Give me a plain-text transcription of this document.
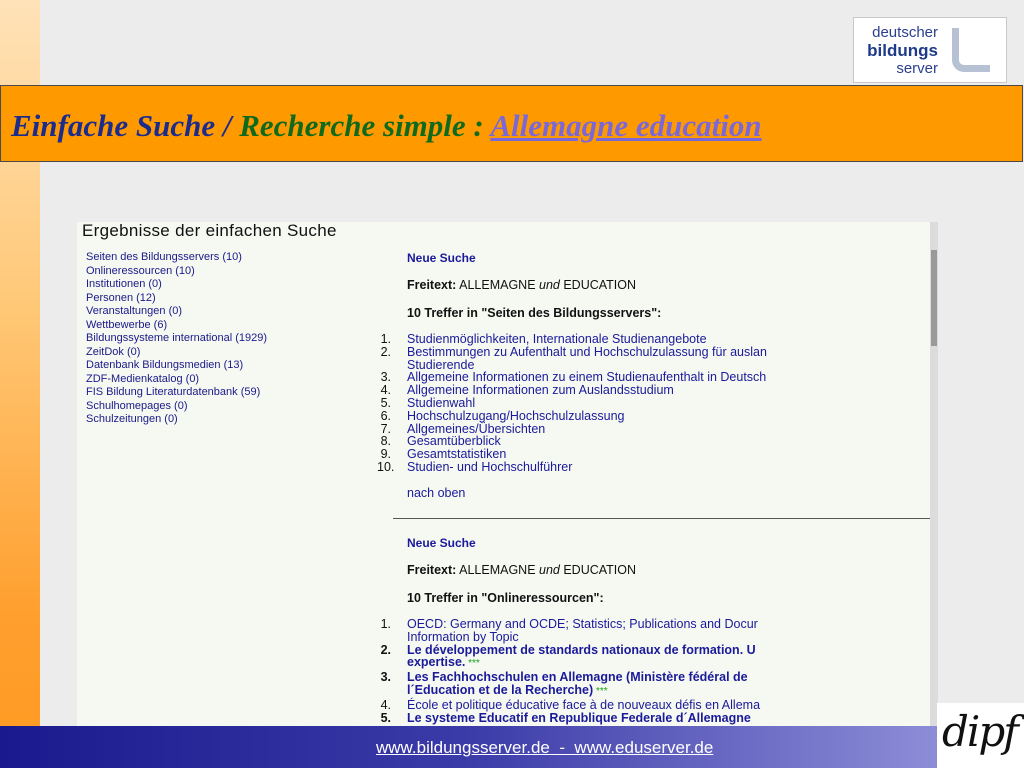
deutscher
bildungs
server
Einfache Suche / Recherche simple : Allemagne education
Ergebnisse der einfachen Suche
Seiten des Bildungsservers (10)
Onlineressourcen (10)
Institutionen (0)
Personen (12)
Veranstaltungen (0)
Wettbewerbe (6)
Bildungssysteme international (1929)
ZeitDok (0)
Datenbank Bildungsmedien (13)
ZDF-Medienkatalog (0)
FIS Bildung Literaturdatenbank (59)
Schulhomepages (0)
Schulzeitungen (0)
Neue Suche
Freitext: ALLEMAGNE und EDUCATION
10 Treffer in "Seiten des Bildungsservers":
1. Studienmöglichkeiten, Internationale Studienangebote
2. Bestimmungen zu Aufenthalt und Hochschulzulassung für auslan
Studierende
3. Allgemeine Informationen zu einem Studienaufenthalt in Deutsch
4. Allgemeine Informationen zum Auslandsstudium
5. Studienwahl
6. Hochschulzugang/Hochschulzulassung
7. Allgemeines/Übersichten
8. Gesamtüberblick
9. Gesamtstatistiken
10. Studien- und Hochschulführer
nach oben
Neue Suche
Freitext: ALLEMAGNE und EDUCATION
10 Treffer in "Onlineressourcen":
1. OECD: Germany and OCDE; Statistics; Publications and Docur
Information by Topic
2. Le développement de standards nationaux de formation. U
expertise. ***
3. Les Fachhochschulen en Allemagne (Ministère fédéral de
l´Education et de la Recherche) ***
4. École et politique éducative face à de nouveaux défis en Allema
5. Le systeme Educatif en Republique Federale d´Allemagne
www.bildungsserver.de  -  www.eduserver.de	dipf
